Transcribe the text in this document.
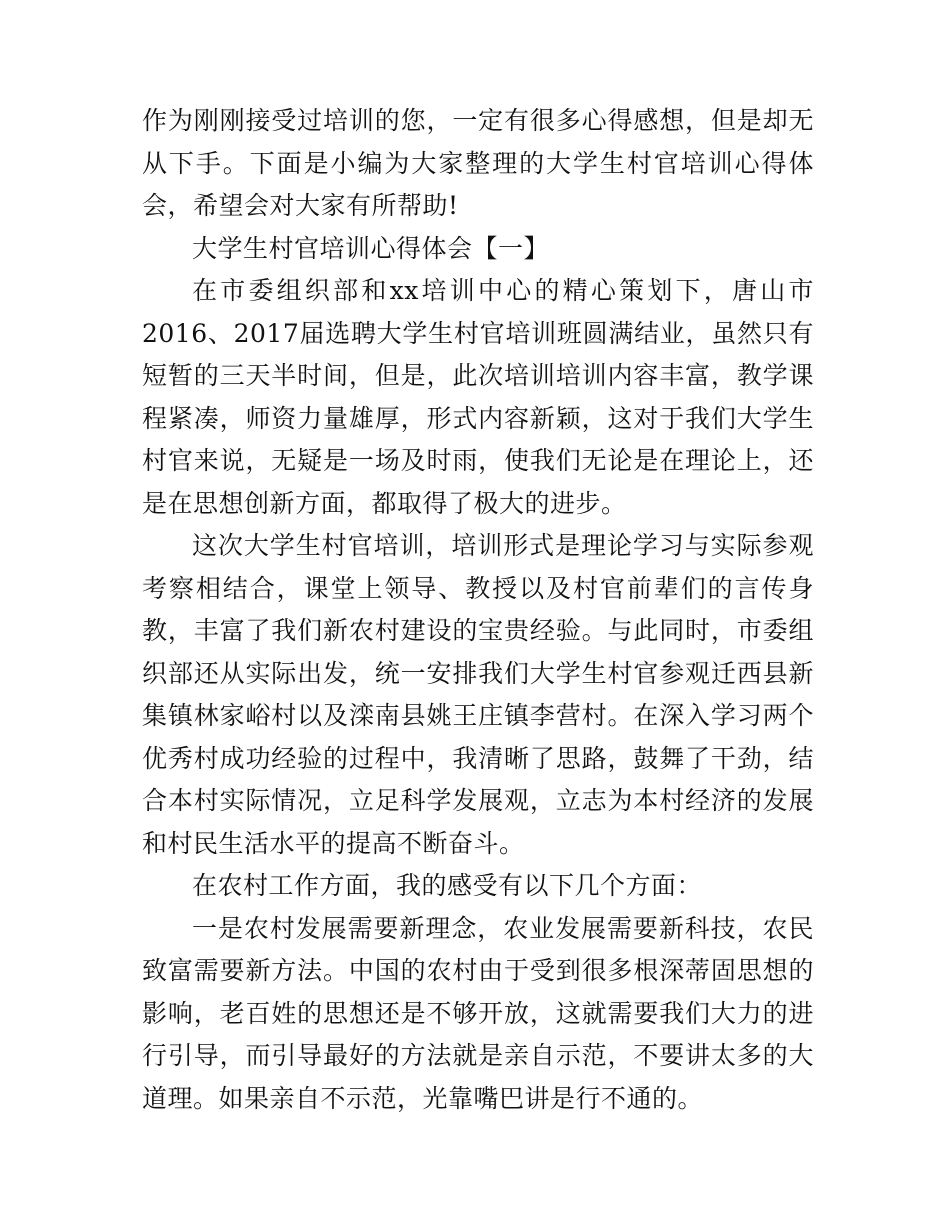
作为刚刚接受过培训的您，一定有很多心得感想，但是却无从下手。下面是小编为大家整理的大学生村官培训心得体会，希望会对大家有所帮助!

大学生村官培训心得体会【一】

在市委组织部和xx培训中心的精心策划下，唐山市2016、2017届选聘大学生村官培训班圆满结业，虽然只有短暂的三天半时间，但是，此次培训培训内容丰富，教学课程紧凑，师资力量雄厚，形式内容新颖，这对于我们大学生村官来说，无疑是一场及时雨，使我们无论是在理论上，还是在思想创新方面，都取得了极大的进步。

这次大学生村官培训，培训形式是理论学习与实际参观考察相结合，课堂上领导、教授以及村官前辈们的言传身教，丰富了我们新农村建设的宝贵经验。与此同时，市委组织部还从实际出发，统一安排我们大学生村官参观迁西县新集镇林家峪村以及滦南县姚王庄镇李营村。在深入学习两个优秀村成功经验的过程中，我清晰了思路，鼓舞了干劲，结合本村实际情况，立足科学发展观，立志为本村经济的发展和村民生活水平的提高不断奋斗。

在农村工作方面，我的感受有以下几个方面：

一是农村发展需要新理念，农业发展需要新科技，农民致富需要新方法。中国的农村由于受到很多根深蒂固思想的影响，老百姓的思想还是不够开放，这就需要我们大力的进行引导，而引导最好的方法就是亲自示范，不要讲太多的大道理。如果亲自不示范，光靠嘴巴讲是行不通的。
